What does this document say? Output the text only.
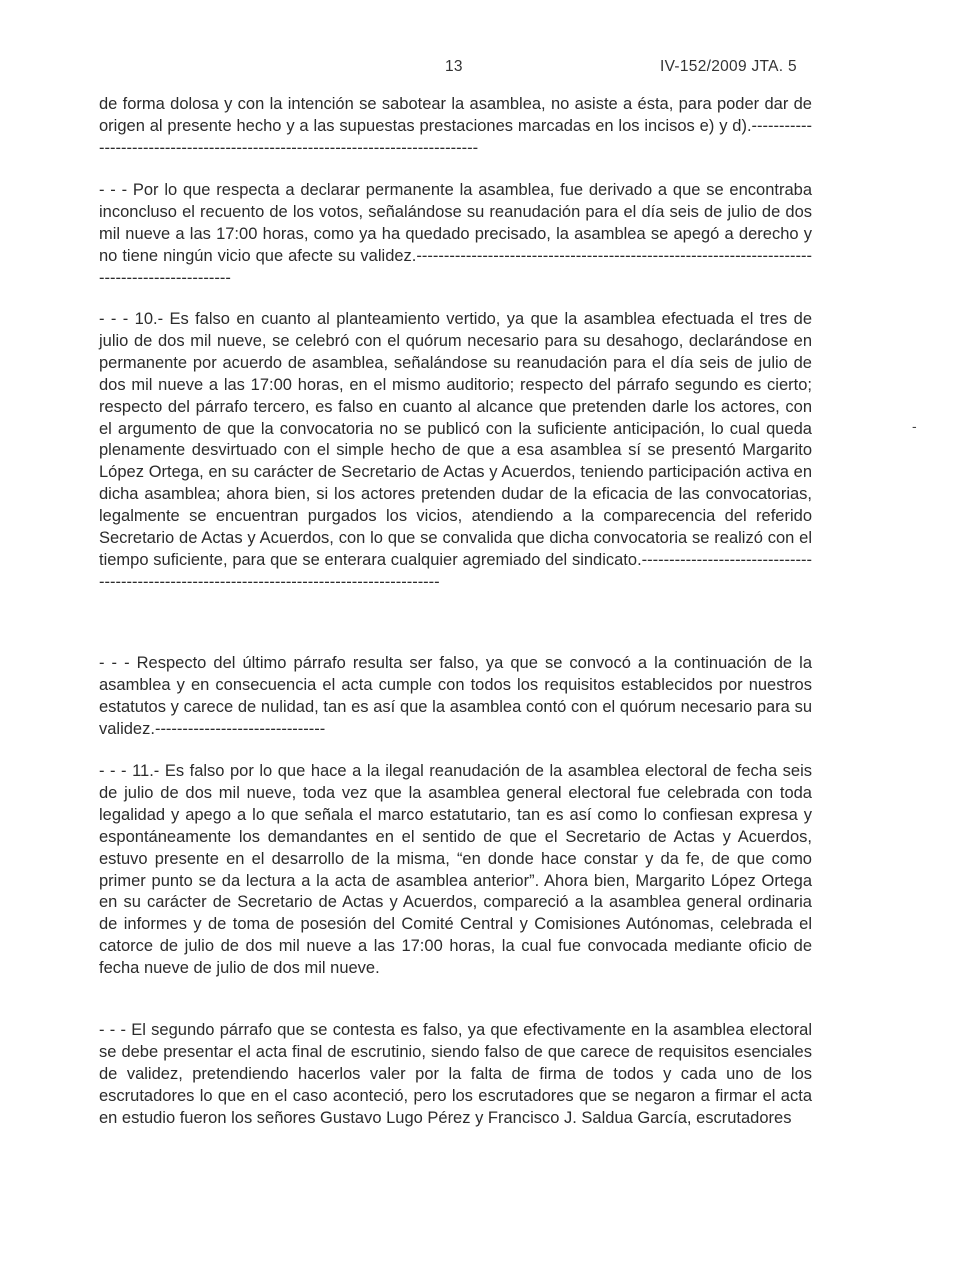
13	IV-152/2009 JTA. 5

de forma dolosa y con la intención se sabotear la asamblea, no asiste a ésta, para poder dar de origen al presente hecho y a las supuestas prestaciones marcadas en los incisos e) y d).--------------------------------------------------------------------------------

- - - Por lo que respecta a declarar permanente la asamblea, fue derivado a que se encontraba inconcluso el recuento de los votos, señalándose su reanudación para el día seis de julio de dos mil nueve a las 17:00 horas, como ya ha quedado precisado, la asamblea se apegó a derecho y no tiene ningún vicio que afecte su validez.------------------------------------------------------------------------------------------------

- - - 10.- Es falso en cuanto al planteamiento vertido, ya que la asamblea efectuada el tres de julio de dos mil nueve, se celebró con el quórum necesario para su desahogo, declarándose en permanente por acuerdo de asamblea, señalándose su reanudación para el día seis de julio de dos mil nueve a las 17:00 horas, en el mismo auditorio; respecto del párrafo segundo es cierto; respecto del párrafo tercero, es falso en cuanto al alcance que pretenden darle los actores, con el argumento de que la convocatoria no se publicó con la suficiente anticipación, lo cual queda plenamente desvirtuado con el simple hecho de que a esa asamblea sí se presentó Margarito López Ortega, en su carácter de Secretario de Actas y Acuerdos, teniendo participación activa en dicha asamblea; ahora bien, si los actores pretenden dudar de la eficacia de las convocatorias, legalmente se encuentran purgados los vicios, atendiendo a la comparecencia del referido Secretario de Actas y Acuerdos, con lo que se convalida que dicha convocatoria se realizó con el tiempo suficiente, para que se enterara cualquier agremiado del sindicato.---------------------------------------------------------------------------------------------

- - - Respecto del último párrafo resulta ser falso, ya que se convocó a la continuación de la asamblea y en consecuencia el acta cumple con todos los requisitos establecidos por nuestros estatutos y carece de nulidad, tan es así que la asamblea contó con el quórum necesario para su validez.-------------------------------

- - - 11.- Es falso por lo que hace a la ilegal reanudación de la asamblea electoral de fecha seis de julio de dos mil nueve, toda vez que la asamblea general electoral fue celebrada con toda legalidad y apego a lo que señala el marco estatutario, tan es así como lo confiesan expresa y espontáneamente los demandantes en el sentido de que el Secretario de Actas y Acuerdos, estuvo presente en el desarrollo de la misma, “en donde hace constar y da fe, de que como primer punto se da lectura a la acta de asamblea anterior”. Ahora bien, Margarito López Ortega en su carácter de Secretario de Actas y Acuerdos, compareció a la asamblea general ordinaria de informes y de toma de posesión del Comité Central y Comisiones Autónomas, celebrada el catorce de julio de dos mil nueve a las 17:00 horas, la cual fue convocada mediante oficio de fecha nueve de julio de dos mil nueve.

- - - El segundo párrafo que se contesta es falso, ya que efectivamente en la asamblea electoral se debe presentar el acta final de escrutinio, siendo falso de que carece de requisitos esenciales de validez, pretendiendo hacerlos valer por la falta de firma de todos y cada uno de los escrutadores lo que en el caso aconteció, pero los escrutadores que se negaron a firmar el acta en estudio fueron los señores Gustavo Lugo Pérez y Francisco J. Saldua García, escrutadores

-
